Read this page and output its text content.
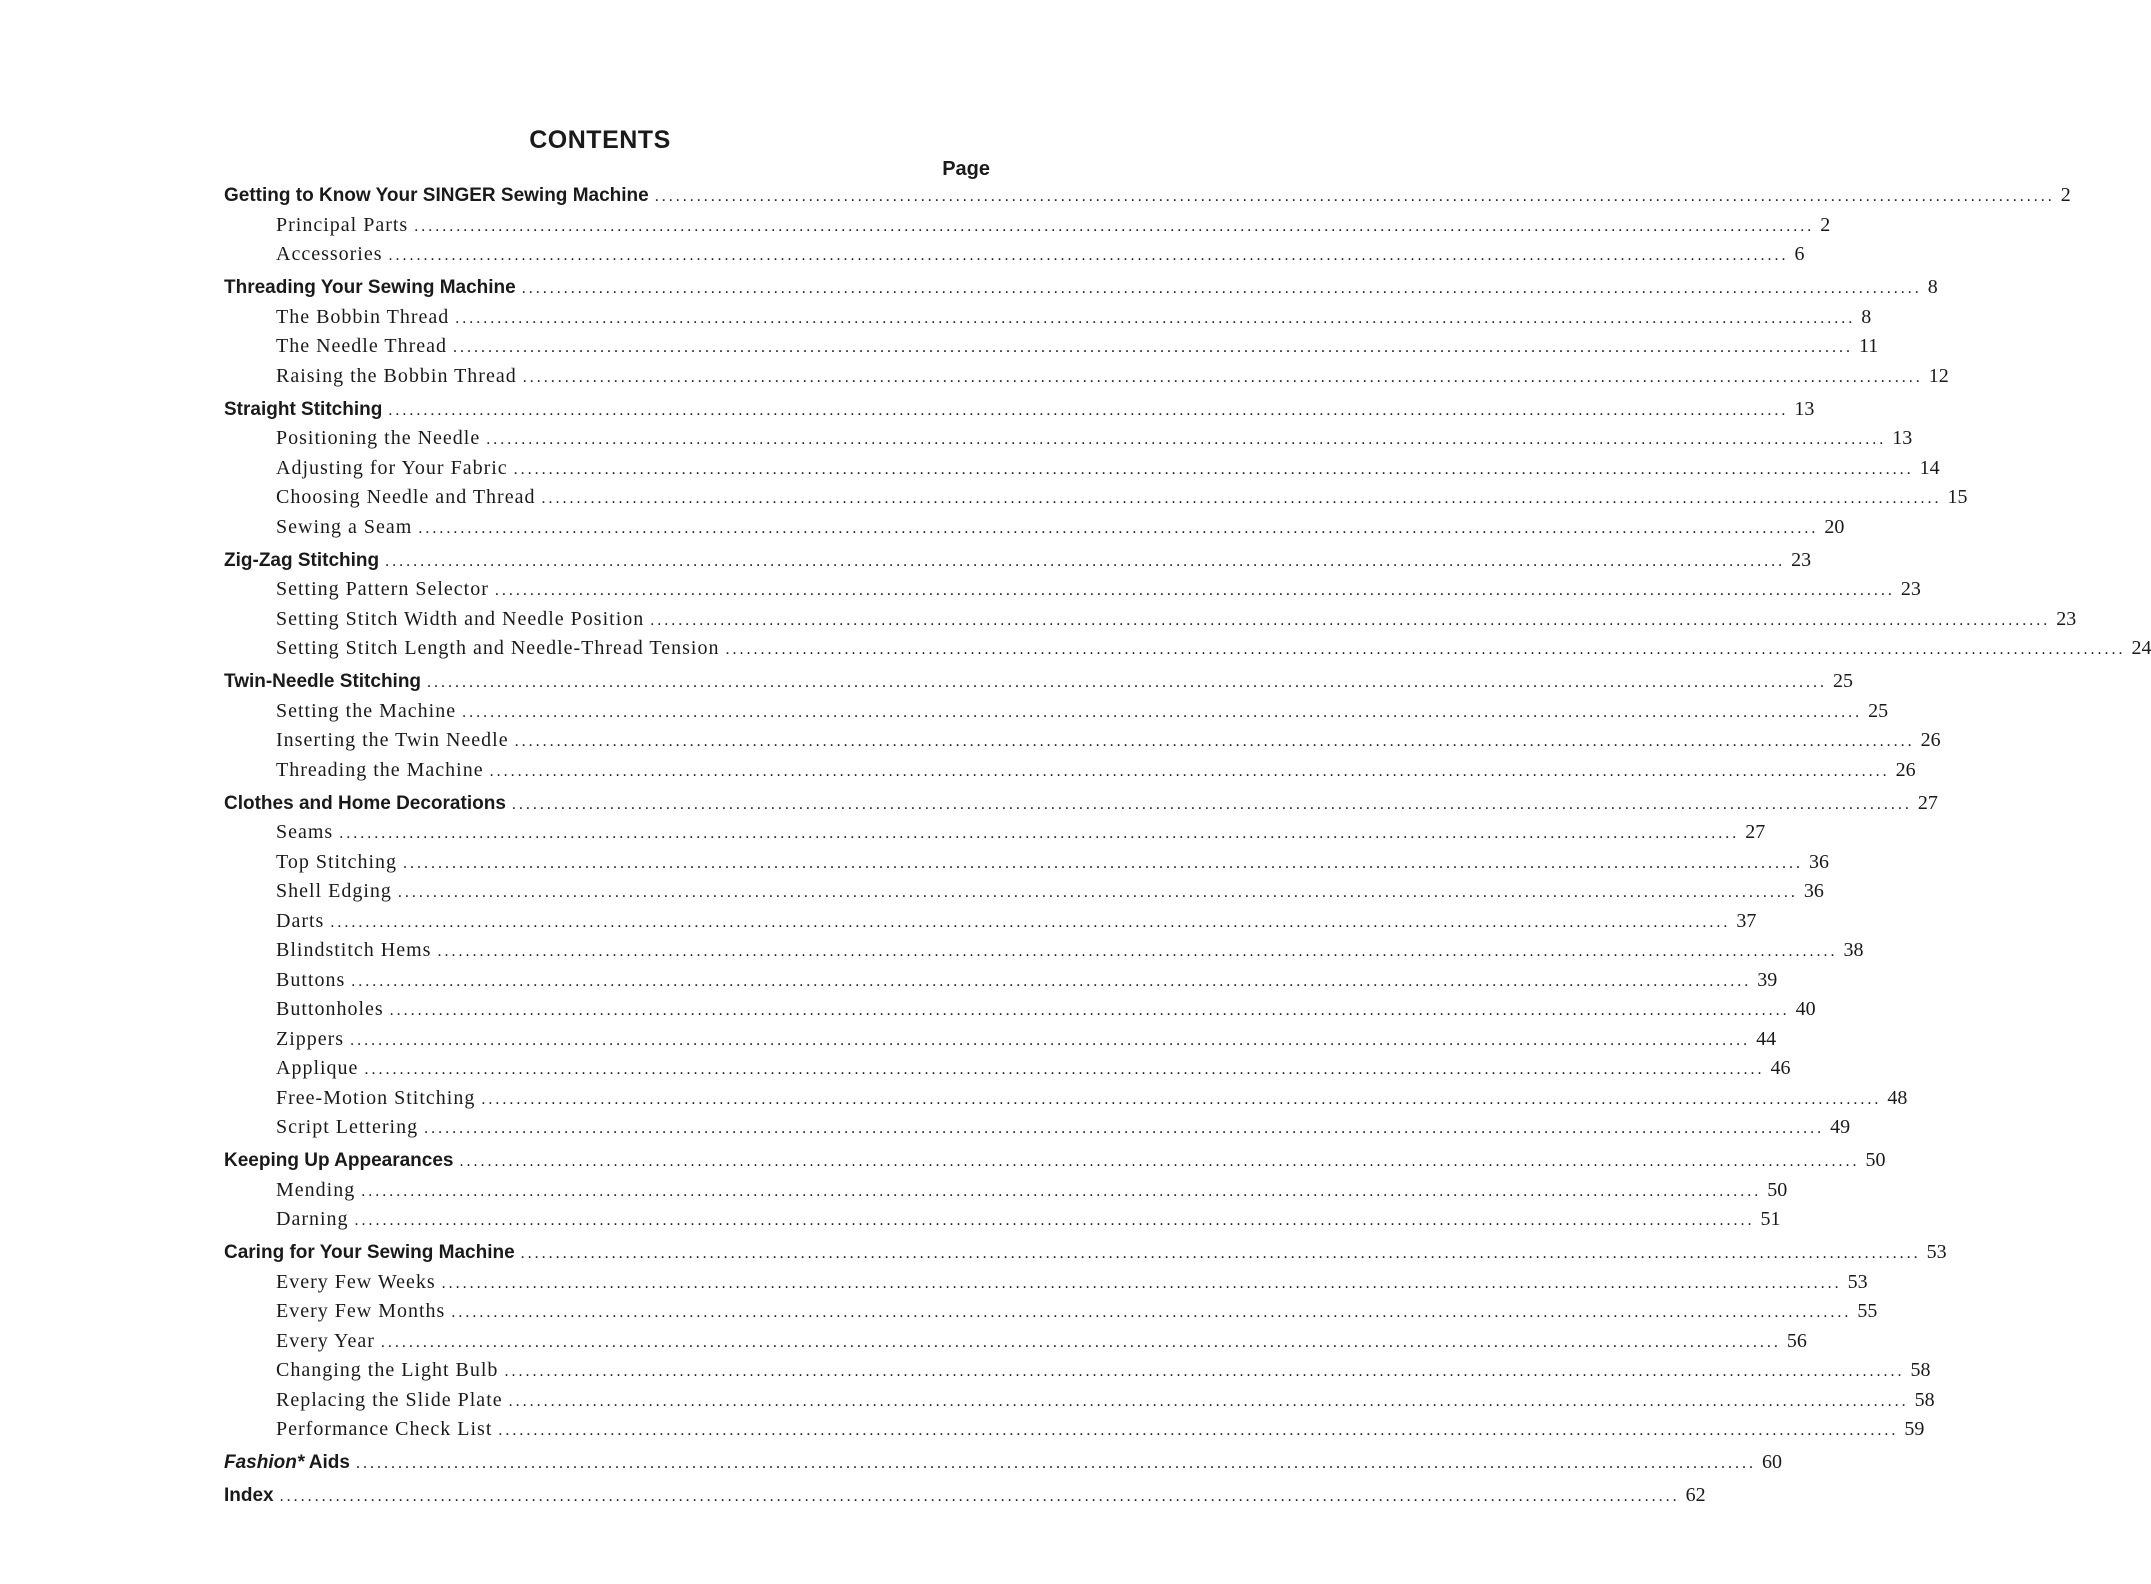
CONTENTS
Page
Getting to Know Your SINGER Sewing Machine ........................................................................................................................................................................................................ 2
Principal Parts ........................................................................................................................................................................................................ 2
Accessories ........................................................................................................................................................................................................ 6
Threading Your Sewing Machine ........................................................................................................................................................................................................ 8
The Bobbin Thread ........................................................................................................................................................................................................ 8
The Needle Thread ........................................................................................................................................................................................................ 11
Raising the Bobbin Thread ........................................................................................................................................................................................................ 12
Straight Stitching ........................................................................................................................................................................................................ 13
Positioning the Needle ........................................................................................................................................................................................................ 13
Adjusting for Your Fabric ........................................................................................................................................................................................................ 14
Choosing Needle and Thread ........................................................................................................................................................................................................ 15
Sewing a Seam ........................................................................................................................................................................................................ 20
Zig-Zag Stitching ........................................................................................................................................................................................................ 23
Setting Pattern Selector ........................................................................................................................................................................................................ 23
Setting Stitch Width and Needle Position ........................................................................................................................................................................................................ 23
Setting Stitch Length and Needle-Thread Tension ........................................................................................................................................................................................................ 24
Twin-Needle Stitching ........................................................................................................................................................................................................ 25
Setting the Machine ........................................................................................................................................................................................................ 25
Inserting the Twin Needle ........................................................................................................................................................................................................ 26
Threading the Machine ........................................................................................................................................................................................................ 26
Clothes and Home Decorations ........................................................................................................................................................................................................ 27
Seams ........................................................................................................................................................................................................ 27
Top Stitching ........................................................................................................................................................................................................ 36
Shell Edging ........................................................................................................................................................................................................ 36
Darts ........................................................................................................................................................................................................ 37
Blindstitch Hems ........................................................................................................................................................................................................ 38
Buttons ........................................................................................................................................................................................................ 39
Buttonholes ........................................................................................................................................................................................................ 40
Zippers ........................................................................................................................................................................................................ 44
Applique ........................................................................................................................................................................................................ 46
Free-Motion Stitching ........................................................................................................................................................................................................ 48
Script Lettering ........................................................................................................................................................................................................ 49
Keeping Up Appearances ........................................................................................................................................................................................................ 50
Mending ........................................................................................................................................................................................................ 50
Darning ........................................................................................................................................................................................................ 51
Caring for Your Sewing Machine ........................................................................................................................................................................................................ 53
Every Few Weeks ........................................................................................................................................................................................................ 53
Every Few Months ........................................................................................................................................................................................................ 55
Every Year ........................................................................................................................................................................................................ 56
Changing the Light Bulb ........................................................................................................................................................................................................ 58
Replacing the Slide Plate ........................................................................................................................................................................................................ 58
Performance Check List ........................................................................................................................................................................................................ 59
Fashion* Aids ........................................................................................................................................................................................................ 60
Index ........................................................................................................................................................................................................ 62
